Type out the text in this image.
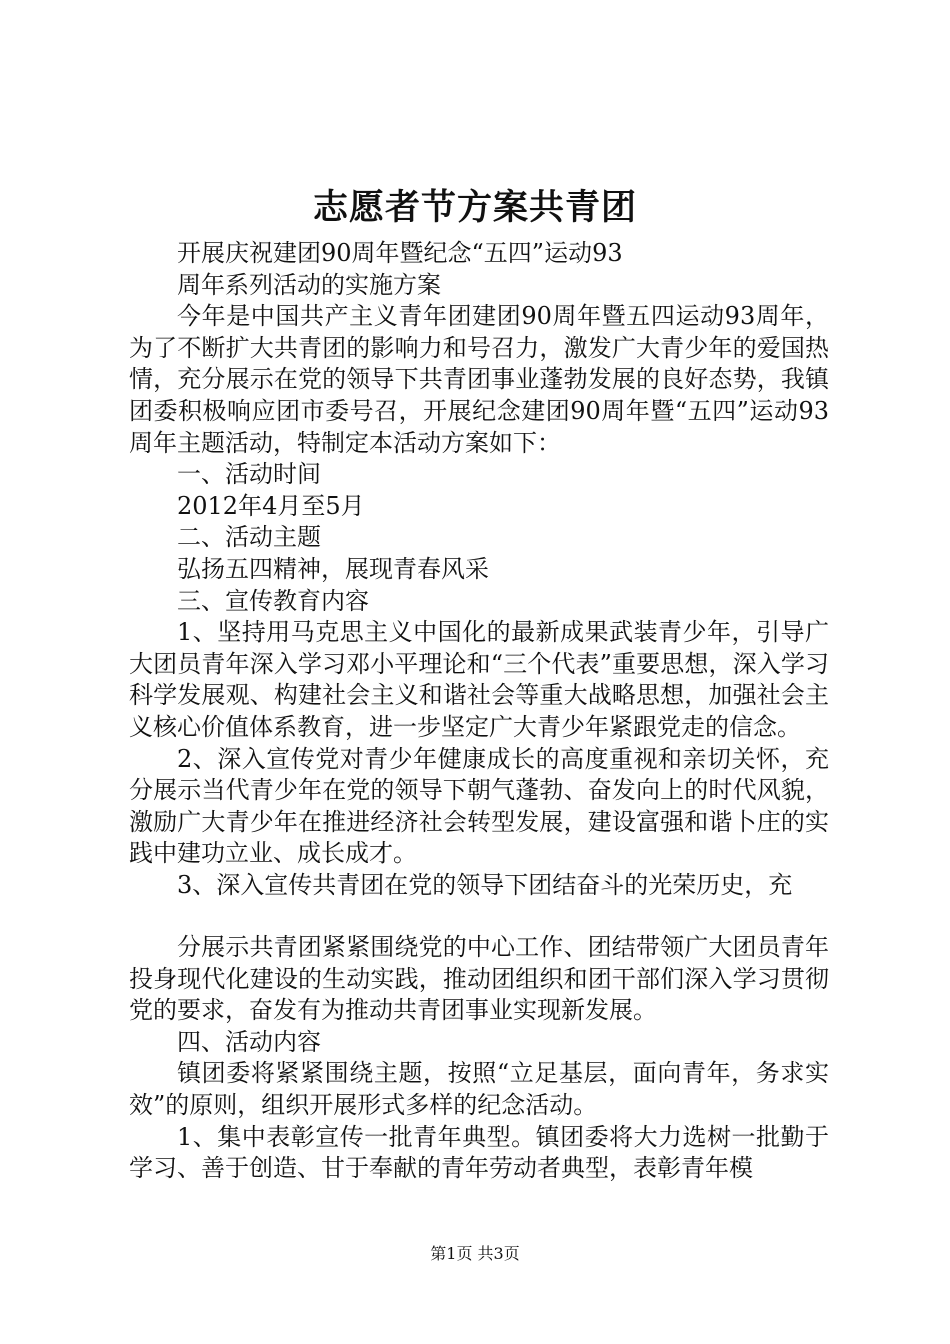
志愿者节方案共青团

开展庆祝建团90周年暨纪念“五四”运动93

周年系列活动的实施方案

今年是中国共产主义青年团建团90周年暨五四运动93周年，为了不断扩大共青团的影响力和号召力，激发广大青少年的爱国热情，充分展示在党的领导下共青团事业蓬勃发展的良好态势，我镇团委积极响应团市委号召，开展纪念建团90周年暨“五四”运动93周年主题活动，特制定本活动方案如下：

一、活动时间

2012年4月至5月

二、活动主题

弘扬五四精神，展现青春风采

三、宣传教育内容

1、坚持用马克思主义中国化的最新成果武装青少年，引导广大团员青年深入学习邓小平理论和“三个代表”重要思想，深入学习科学发展观、构建社会主义和谐社会等重大战略思想，加强社会主义核心价值体系教育，进一步坚定广大青少年紧跟党走的信念。

2、深入宣传党对青少年健康成长的高度重视和亲切关怀，充分展示当代青少年在党的领导下朝气蓬勃、奋发向上的时代风貌，激励广大青少年在推进经济社会转型发展，建设富强和谐卜庄的实践中建功立业、成长成才。

3、深入宣传共青团在党的领导下团结奋斗的光荣历史，充

分展示共青团紧紧围绕党的中心工作、团结带领广大团员青年投身现代化建设的生动实践，推动团组织和团干部们深入学习贯彻党的要求，奋发有为推动共青团事业实现新发展。

四、活动内容

镇团委将紧紧围绕主题，按照“立足基层，面向青年，务求实效”的原则，组织开展形式多样的纪念活动。

1、集中表彰宣传一批青年典型。镇团委将大力选树一批勤于学习、善于创造、甘于奉献的青年劳动者典型，表彰青年模

第1页 共3页
